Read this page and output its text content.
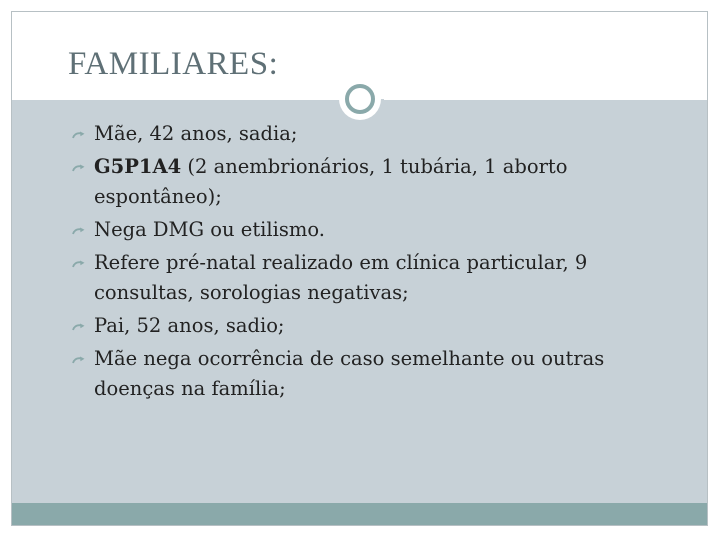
FAMILIARES:
Mãe, 42 anos, sadia;
G5P1A4 (2 anembrionários, 1 tubária, 1 aborto espontâneo);
Nega DMG ou etilismo.
Refere pré-natal realizado em clínica particular, 9 consultas, sorologias negativas;
Pai, 52 anos, sadio;
Mãe nega ocorrência de caso semelhante ou outras doenças na família;
